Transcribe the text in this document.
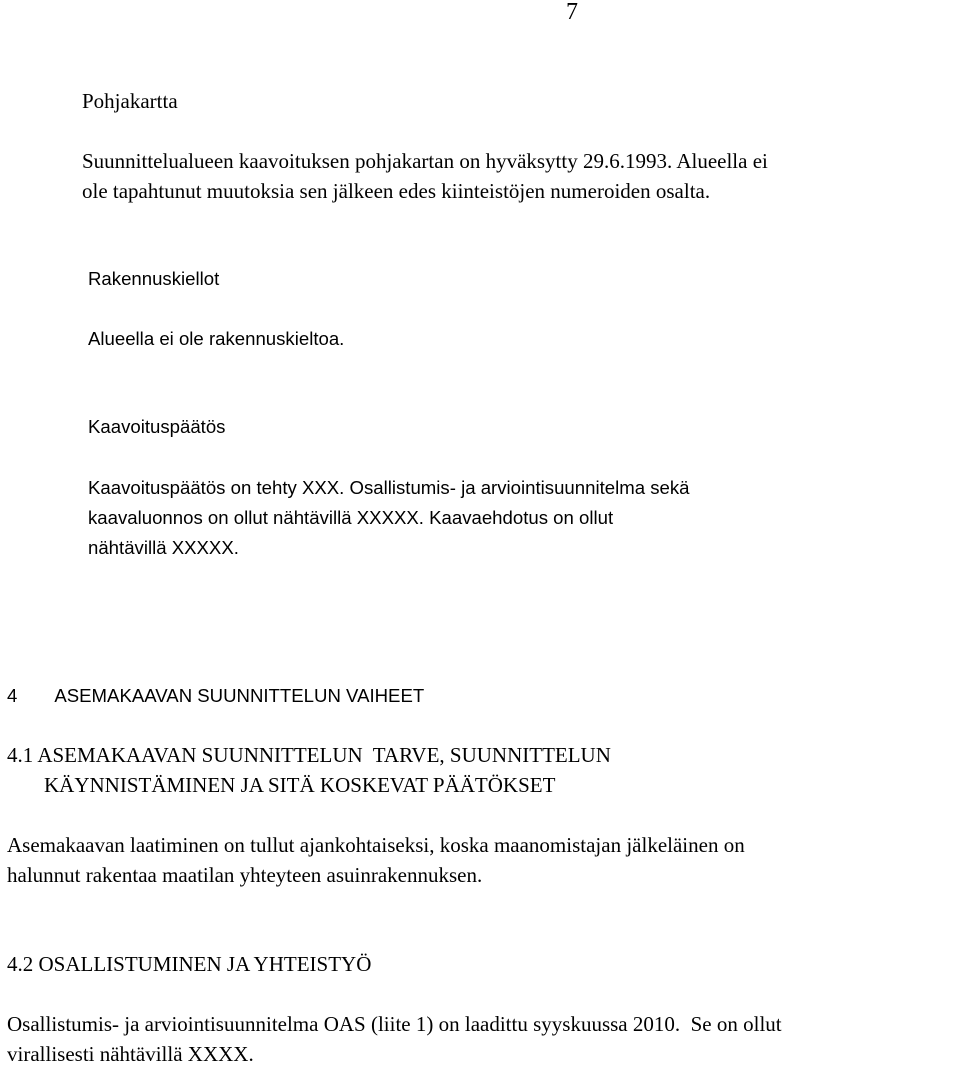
7
Pohjakartta
Suunnittelualueen kaavoituksen pohjakartan on hyväksytty 29.6.1993. Alueella ei
ole tapahtunut muutoksia sen jälkeen edes kiinteistöjen numeroiden osalta.
Rakennuskiellot
Alueella ei ole rakennuskieltoa.
Kaavoituspäätös
Kaavoituspäätös on tehty XXX. Osallistumis- ja arviointisuunnitelma sekä
kaavaluonnos on ollut nähtävillä XXXXX. Kaavaehdotus on ollut
nähtävillä XXXXX.
4 ASEMAKAAVAN SUUNNITTELUN VAIHEET
4.1 ASEMAKAAVAN SUUNNITTELUN  TARVE, SUUNNITTELUN
KÄYNNISTÄMINEN JA SITÄ KOSKEVAT PÄÄTÖKSET
Asemakaavan laatiminen on tullut ajankohtaiseksi, koska maanomistajan jälkeläinen on
halunnut rakentaa maatilan yhteyteen asuinrakennuksen.
4.2 OSALLISTUMINEN JA YHTEISTYÖ
Osallistumis- ja arviointisuunnitelma OAS (liite 1) on laadittu syyskuussa 2010.  Se on ollut
virallisesti nähtävillä XXXX.
